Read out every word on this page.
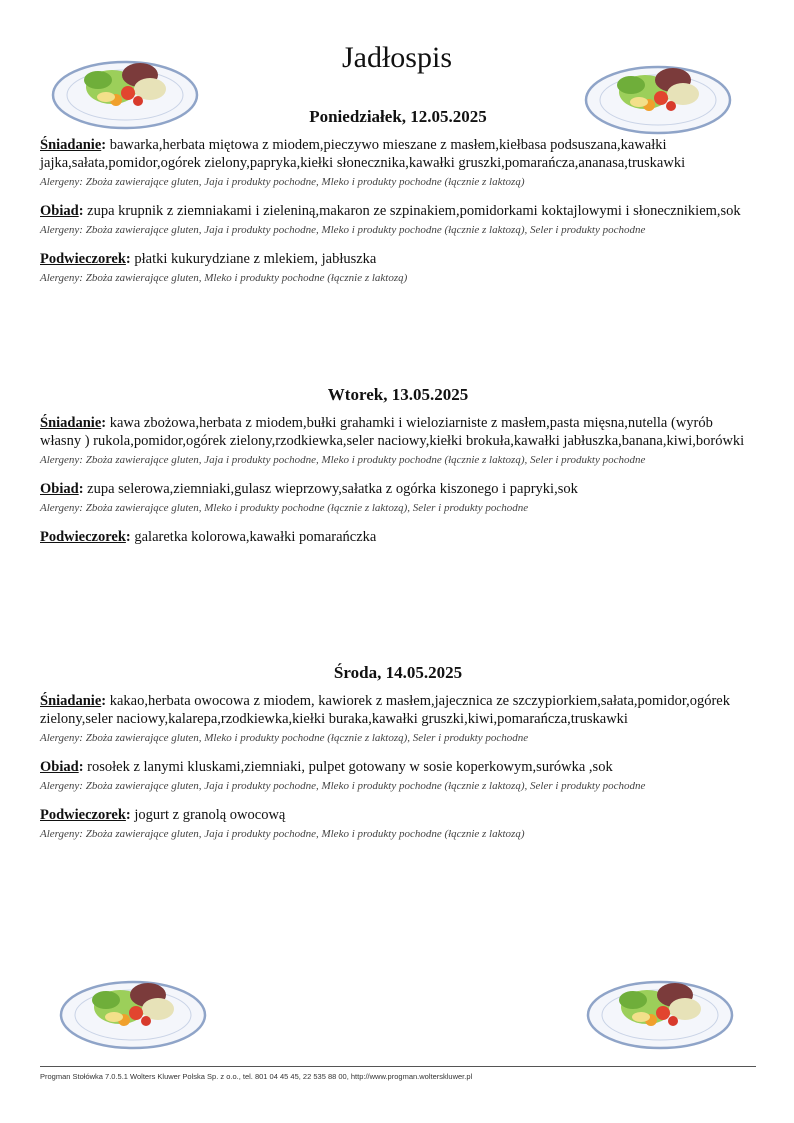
Jadłospis
Poniedziałek, 12.05.2025

Śniadanie: bawarka,herbata miętowa z miodem,pieczywo mieszane z masłem,kiełbasa podsuszana,kawałki jajka,sałata,pomidor,ogórek zielony,papryka,kiełki słonecznika,kawałki gruszki,pomarańcza,ananasa,truskawki

Alergeny: Zboża zawierające gluten, Jaja i produkty pochodne, Mleko i produkty pochodne (łącznie z laktozą)

Obiad: zupa krupnik z ziemniakami i zieleniną,makaron ze szpinakiem,pomidorkami koktajlowymi i słonecznikiem,sok

Alergeny: Zboża zawierające gluten, Jaja i produkty pochodne, Mleko i produkty pochodne (łącznie z laktozą), Seler i produkty pochodne

Podwieczorek: płatki kukurydziane z mlekiem, jabłuszka

Alergeny: Zboża zawierające gluten, Mleko i produkty pochodne (łącznie z laktozą)

Wtorek, 13.05.2025

Śniadanie: kawa zbożowa,herbata z miodem,bułki grahamki i wieloziarniste z masłem,pasta mięsna,nutella (wyrób własny ) rukola,pomidor,ogórek zielony,rzodkiewka,seler naciowy,kiełki brokuła,kawałki jabłuszka,banana,kiwi,borówki

Alergeny: Zboża zawierające gluten, Jaja i produkty pochodne, Mleko i produkty pochodne (łącznie z laktozą), Seler i produkty pochodne

Obiad: zupa selerowa,ziemniaki,gulasz wieprzowy,sałatka z ogórka kiszonego i papryki,sok

Alergeny: Zboża zawierające gluten, Mleko i produkty pochodne (łącznie z laktozą), Seler i produkty pochodne

Podwieczorek: galaretka kolorowa,kawałki pomarańczka

Środa, 14.05.2025

Śniadanie: kakao,herbata owocowa z miodem, kawiorek z masłem,jajecznica ze szczypiorkiem,sałata,pomidor,ogórek zielony,seler naciowy,kalarepa,rzodkiewka,kiełki buraka,kawałki gruszki,kiwi,pomarańcza,truskawki

Alergeny: Zboża zawierające gluten, Mleko i produkty pochodne (łącznie z laktozą), Seler i produkty pochodne

Obiad: rosołek z lanymi kluskami,ziemniaki, pulpet gotowany w sosie koperkowym,surówka ,sok

Alergeny: Zboża zawierające gluten, Jaja i produkty pochodne, Mleko i produkty pochodne (łącznie z laktozą), Seler i produkty pochodne

Podwieczorek: jogurt z granolą owocową

Alergeny: Zboża zawierające gluten, Jaja i produkty pochodne, Mleko i produkty pochodne (łącznie z laktozą)

Progman Stołówka 7.0.5.1 Wolters Kluwer Polska Sp. z o.o., tel. 801 04 45 45, 22 535 88 00, http://www.progman.wolterskluwer.pl
